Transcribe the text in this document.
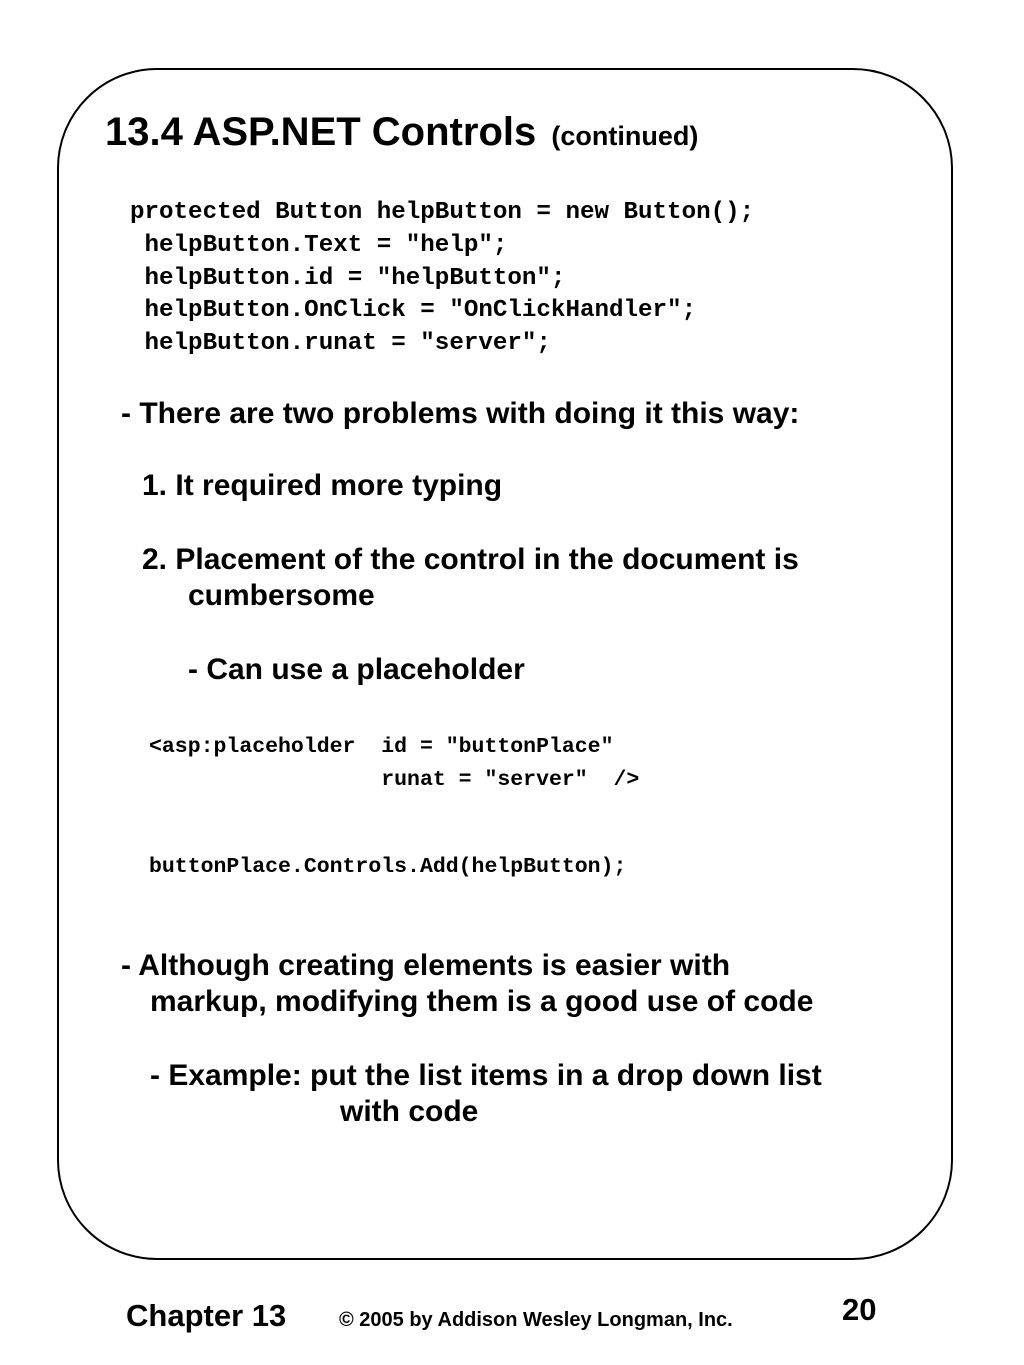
13.4 ASP.NET Controls (continued)
protected Button helpButton = new Button();
helpButton.Text = ″help″;
helpButton.id = ″helpButton″;
helpButton.OnClick = ″OnClickHandler″;
helpButton.runat = ″server″;

- There are two problems with doing it this way:

1. It required more typing

2. Placement of the control in the document is

cumbersome

- Can use a placeholder

<asp:placeholder  id = ″buttonPlace″
runat = ″server″  />
buttonPlace.Controls.Add(helpButton);

- Although creating elements is easier with

markup, modifying them is a good use of code

- Example: put the list items in a drop down list

with code

Chapter 13	© 2005 by Addison Wesley Longman, Inc.	20
